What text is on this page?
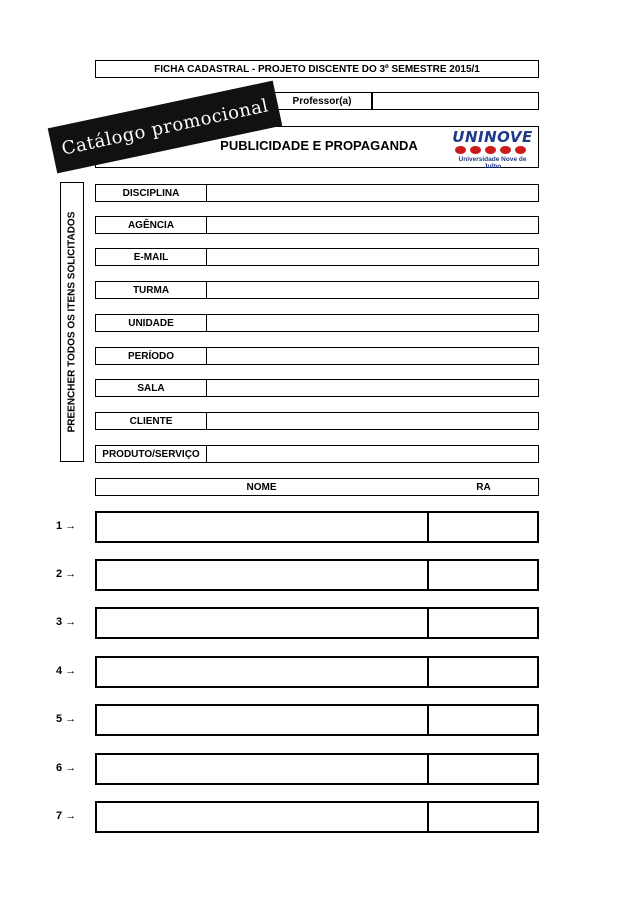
FICHA CADASTRAL - PROJETO DISCENTE DO 3º SEMESTRE 2015/1
Professor(a)
PUBLICIDADE E PROPAGANDA	UNINOVE
Universidade Nove de Julho
Catálogo promocional
PREENCHER TODOS OS ITENS SOLICITADOS
DISCIPLINA
AGÊNCIA
E-MAIL
TURMA
UNIDADE
PERÍODO
SALA
CLIENTE
PRODUTO/SERVIÇO
NOME	RA
1 →
2 →
3 →
4 →
5 →
6 →
7 →
